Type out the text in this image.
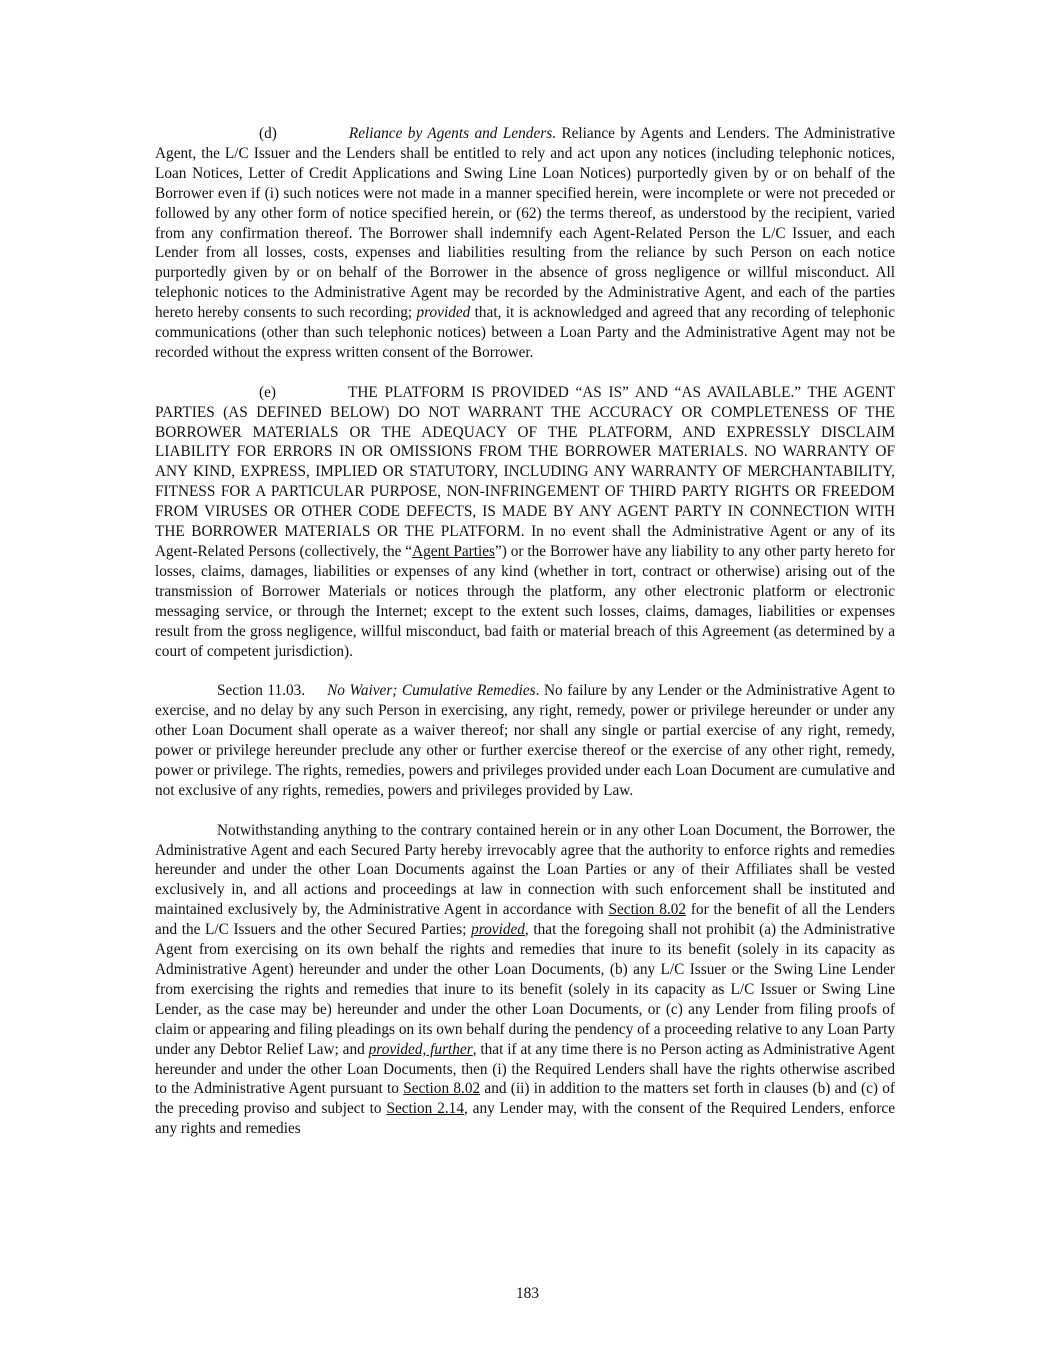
(d)	Reliance by Agents and Lenders. Reliance by Agents and Lenders. The Administrative Agent, the L/C Issuer and the Lenders shall be entitled to rely and act upon any notices (including telephonic notices, Loan Notices, Letter of Credit Applications and Swing Line Loan Notices) purportedly given by or on behalf of the Borrower even if (i) such notices were not made in a manner specified herein, were incomplete or were not preceded or followed by any other form of notice specified herein, or (62) the terms thereof, as understood by the recipient, varied from any confirmation thereof. The Borrower shall indemnify each Agent-Related Person the L/C Issuer, and each Lender from all losses, costs, expenses and liabilities resulting from the reliance by such Person on each notice purportedly given by or on behalf of the Borrower in the absence of gross negligence or willful misconduct. All telephonic notices to the Administrative Agent may be recorded by the Administrative Agent, and each of the parties hereto hereby consents to such recording; provided that, it is acknowledged and agreed that any recording of telephonic communications (other than such telephonic notices) between a Loan Party and the Administrative Agent may not be recorded without the express written consent of the Borrower.

(e)	THE PLATFORM IS PROVIDED “AS IS” AND “AS AVAILABLE.” THE AGENT PARTIES (AS DEFINED BELOW) DO NOT WARRANT THE ACCURACY OR COMPLETENESS OF THE BORROWER MATERIALS OR THE ADEQUACY OF THE PLATFORM, AND EXPRESSLY DISCLAIM LIABILITY FOR ERRORS IN OR OMISSIONS FROM THE BORROWER MATERIALS. NO WARRANTY OF ANY KIND, EXPRESS, IMPLIED OR STATUTORY, INCLUDING ANY WARRANTY OF MERCHANTABILITY, FITNESS FOR A PARTICULAR PURPOSE, NON-INFRINGEMENT OF THIRD PARTY RIGHTS OR FREEDOM FROM VIRUSES OR OTHER CODE DEFECTS, IS MADE BY ANY AGENT PARTY IN CONNECTION WITH THE BORROWER MATERIALS OR THE PLATFORM. In no event shall the Administrative Agent or any of its Agent-Related Persons (collectively, the “Agent Parties”) or the Borrower have any liability to any other party hereto for losses, claims, damages, liabilities or expenses of any kind (whether in tort, contract or otherwise) arising out of the transmission of Borrower Materials or notices through the platform, any other electronic platform or electronic messaging service, or through the Internet; except to the extent such losses, claims, damages, liabilities or expenses result from the gross negligence, willful misconduct, bad faith or material breach of this Agreement (as determined by a court of competent jurisdiction).

Section 11.03. No Waiver; Cumulative Remedies. No failure by any Lender or the Administrative Agent to exercise, and no delay by any such Person in exercising, any right, remedy, power or privilege hereunder or under any other Loan Document shall operate as a waiver thereof; nor shall any single or partial exercise of any right, remedy, power or privilege hereunder preclude any other or further exercise thereof or the exercise of any other right, remedy, power or privilege. The rights, remedies, powers and privileges provided under each Loan Document are cumulative and not exclusive of any rights, remedies, powers and privileges provided by Law.

Notwithstanding anything to the contrary contained herein or in any other Loan Document, the Borrower, the Administrative Agent and each Secured Party hereby irrevocably agree that the authority to enforce rights and remedies hereunder and under the other Loan Documents against the Loan Parties or any of their Affiliates shall be vested exclusively in, and all actions and proceedings at law in connection with such enforcement shall be instituted and maintained exclusively by, the Administrative Agent in accordance with Section 8.02 for the benefit of all the Lenders and the L/C Issuers and the other Secured Parties; provided, that the foregoing shall not prohibit (a) the Administrative Agent from exercising on its own behalf the rights and remedies that inure to its benefit (solely in its capacity as Administrative Agent) hereunder and under the other Loan Documents, (b) any L/C Issuer or the Swing Line Lender from exercising the rights and remedies that inure to its benefit (solely in its capacity as L/C Issuer or Swing Line Lender, as the case may be) hereunder and under the other Loan Documents, or (c) any Lender from filing proofs of claim or appearing and filing pleadings on its own behalf during the pendency of a proceeding relative to any Loan Party under any Debtor Relief Law; and provided, further, that if at any time there is no Person acting as Administrative Agent hereunder and under the other Loan Documents, then (i) the Required Lenders shall have the rights otherwise ascribed to the Administrative Agent pursuant to Section 8.02 and (ii) in addition to the matters set forth in clauses (b) and (c) of the preceding proviso and subject to Section 2.14, any Lender may, with the consent of the Required Lenders, enforce any rights and remedies

183
